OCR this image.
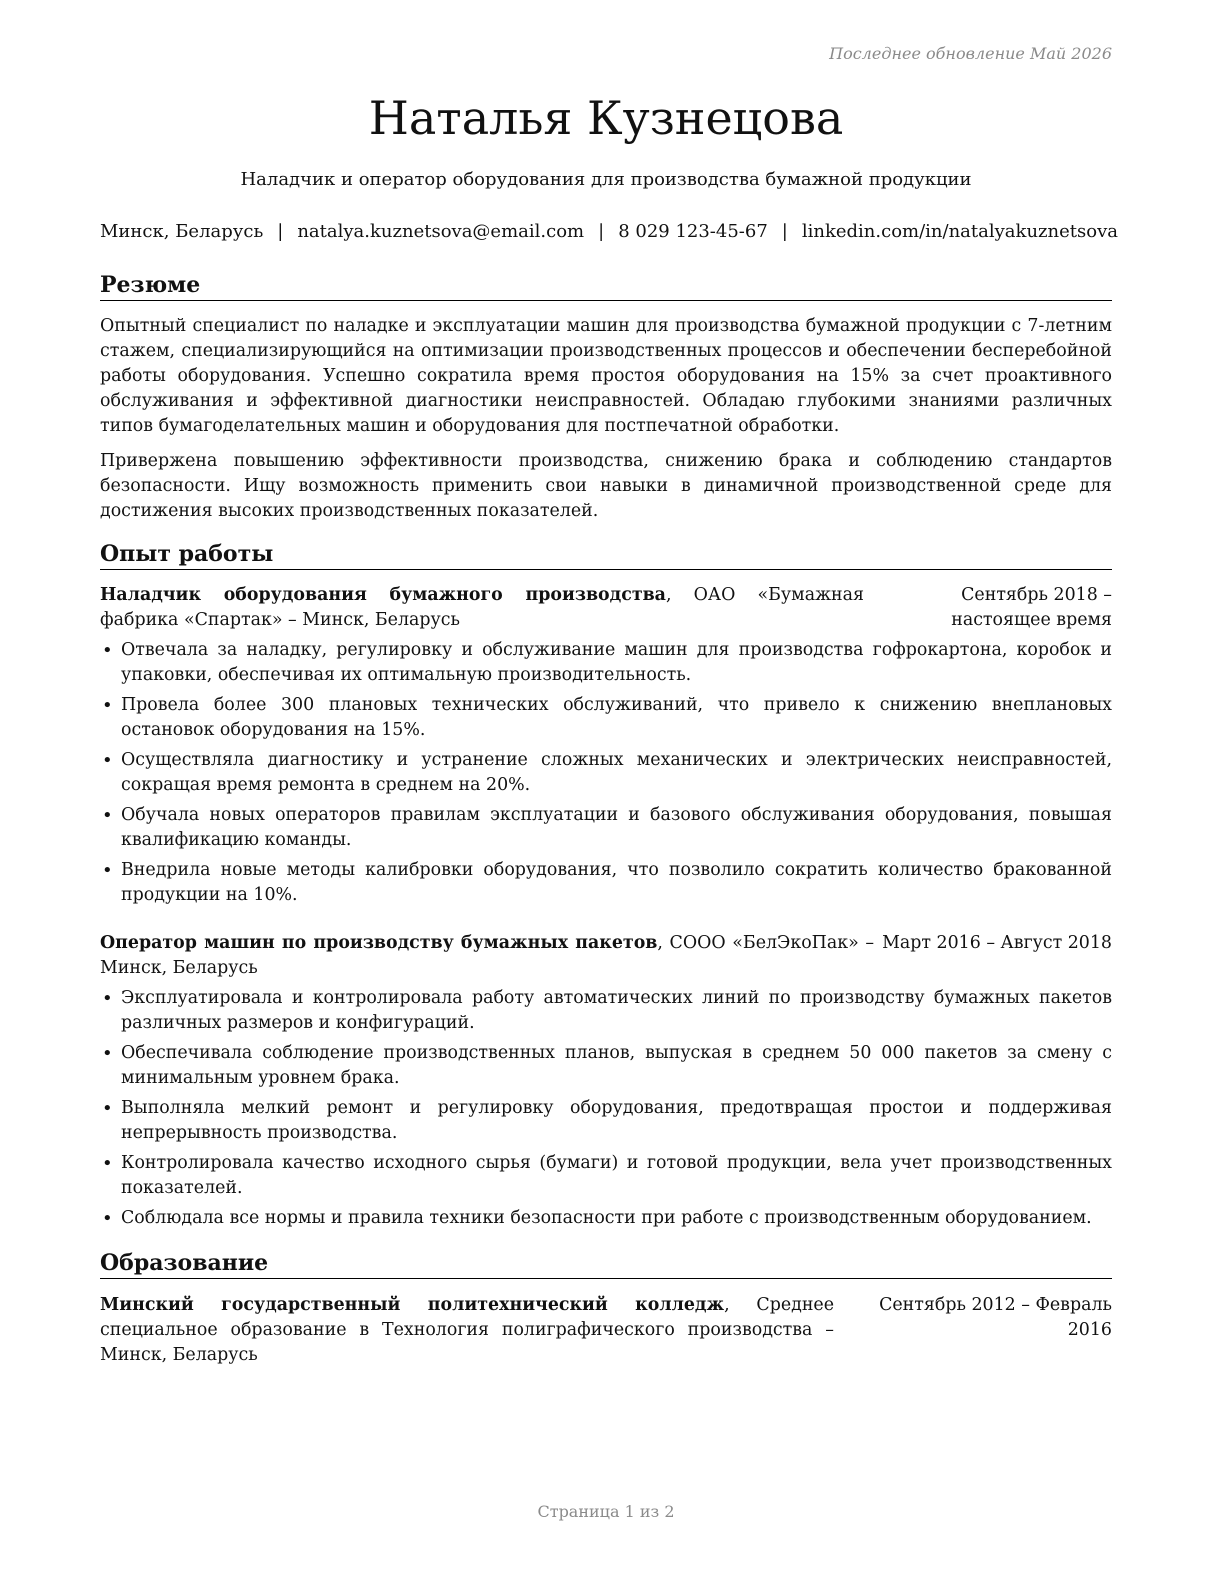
Последнее обновление Май 2026
Наталья Кузнецова
Наладчик и оператор оборудования для производства бумажной продукции
Минск, Беларусь | natalya.kuznetsova@email.com | 8 029 123-45-67 | linkedin.com/in/natalyakuznetsova
Резюме

Опытный специалист по наладке и эксплуатации машин для производства бумажной продукции с 7-летним стажем, специализирующийся на оптимизации производственных процессов и обеспечении бесперебойной работы оборудования. Успешно сократила время простоя оборудования на 15% за счет проактивного обслуживания и эффективной диагностики неисправностей. Обладаю глубокими знаниями различных типов бумагоделательных машин и оборудования для постпечатной обработки.

Привержена повышению эффективности производства, снижению брака и соблюдению стандартов безопасности. Ищу возможность применить свои навыки в динамичной производственной среде для достижения высоких производственных показателей.

Опыт работы
Наладчик оборудования бумажного производства, ОАО «Бумажная фабрика «Спартак» – Минск, Беларусь
Сентябрь 2018 – настоящее время
• Отвечала за наладку, регулировку и обслуживание машин для производства гофрокартона, коробок и упаковки, обеспечивая их оптимальную производительность.
• Провела более 300 плановых технических обслуживаний, что привело к снижению внеплановых остановок оборудования на 15%.
• Осуществляла диагностику и устранение сложных механических и электрических неисправностей, сокращая время ремонта в среднем на 20%.
• Обучала новых операторов правилам эксплуатации и базового обслуживания оборудования, повышая квалификацию команды.
• Внедрила новые методы калибровки оборудования, что позволило сократить количество бракованной продукции на 10%.
Оператор машин по производству бумажных пакетов, СООО «БелЭкоПак» – Минск, Беларусь
Март 2016 – Август 2018
• Эксплуатировала и контролировала работу автоматических линий по производству бумажных пакетов различных размеров и конфигураций.
• Обеспечивала соблюдение производственных планов, выпуская в среднем 50 000 пакетов за смену с минимальным уровнем брака.
• Выполняла мелкий ремонт и регулировку оборудования, предотвращая простои и поддерживая непрерывность производства.
• Контролировала качество исходного сырья (бумаги) и готовой продукции, вела учет производственных показателей.
• Соблюдала все нормы и правила техники безопасности при работе с производственным оборудованием.
Образование
Минский государственный политехнический колледж, Среднее специальное образование в Технология полиграфического производства – Минск, Беларусь
Сентябрь 2012 – Февраль 2016
Страница 1 из 2
